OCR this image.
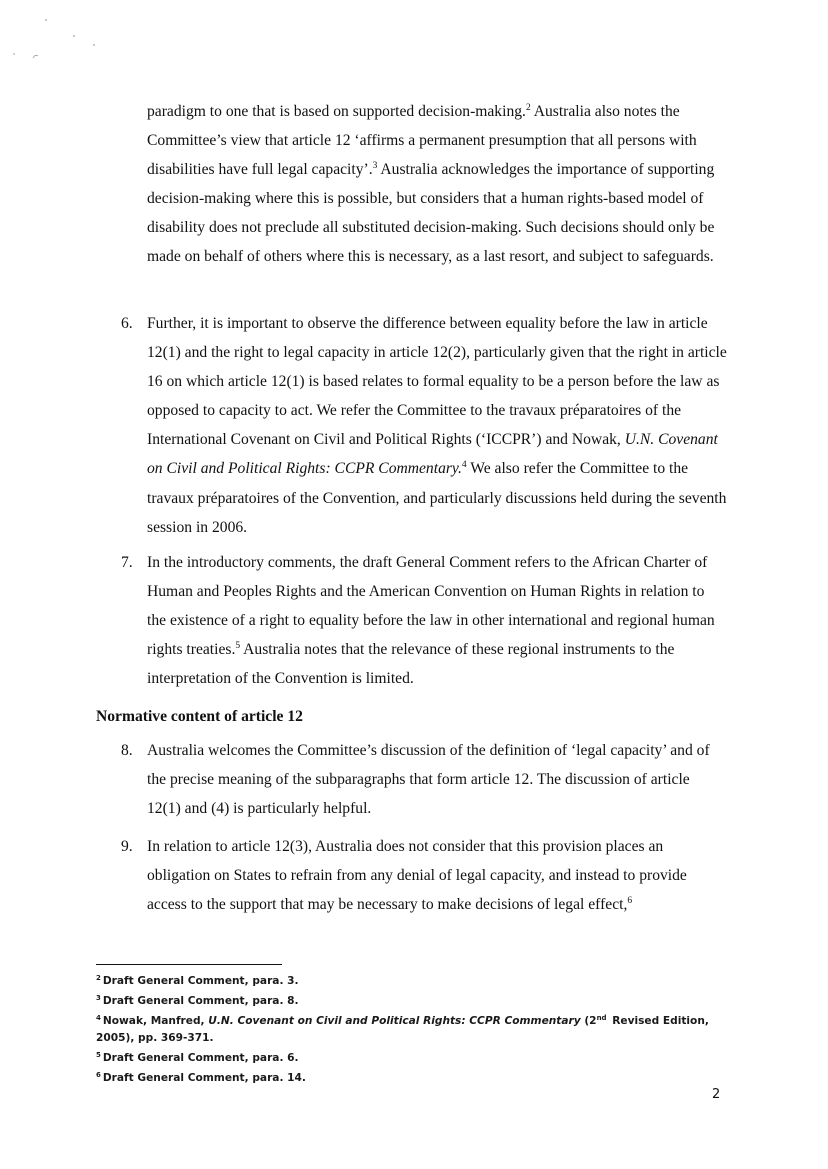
paradigm to one that is based on supported decision-making.$^2$ Australia also notes the Committee’s view that article 12 ‘affirms a permanent presumption that all persons with disabilities have full legal capacity’.$^3$ Australia acknowledges the importance of supporting decision-making where this is possible, but considers that a human rights-based model of disability does not preclude all substituted decision-making. Such decisions should only be made on behalf of others where this is necessary, as a last resort, and subject to safeguards.

6. Further, it is important to observe the difference between equality before the law in article 12(1) and the right to legal capacity in article 12(2), particularly given that the right in article 16 on which article 12(1) is based relates to formal equality to be a person before the law as opposed to capacity to act. We refer the Committee to the travaux préparatoires of the International Covenant on Civil and Political Rights (‘ICCPR’) and Nowak, U.N. Covenant on Civil and Political Rights: CCPR Commentary.$^4$ We also refer the Committee to the travaux préparatoires of the Convention, and particularly discussions held during the seventh session in 2006.

7. In the introductory comments, the draft General Comment refers to the African Charter of Human and Peoples Rights and the American Convention on Human Rights in relation to the existence of a right to equality before the law in other international and regional human rights treaties.$^5$ Australia notes that the relevance of these regional instruments to the interpretation of the Convention is limited.

Normative content of article 12

8. Australia welcomes the Committee’s discussion of the definition of ‘legal capacity’ and of the precise meaning of the subparagraphs that form article 12. The discussion of article 12(1) and (4) is particularly helpful.

9. In relation to article 12(3), Australia does not consider that this provision places an obligation on States to refrain from any denial of legal capacity, and instead to provide access to the support that may be necessary to make decisions of legal effect,$^6$

$^2$ Draft General Comment, para. 3.

$^3$ Draft General Comment, para. 8.

$^4$ Nowak, Manfred, U.N. Covenant on Civil and Political Rights: CCPR Commentary (2nd Revised Edition, 2005), pp. 369-371.

$^5$ Draft General Comment, para. 6.

$^6$ Draft General Comment, para. 14.

2
